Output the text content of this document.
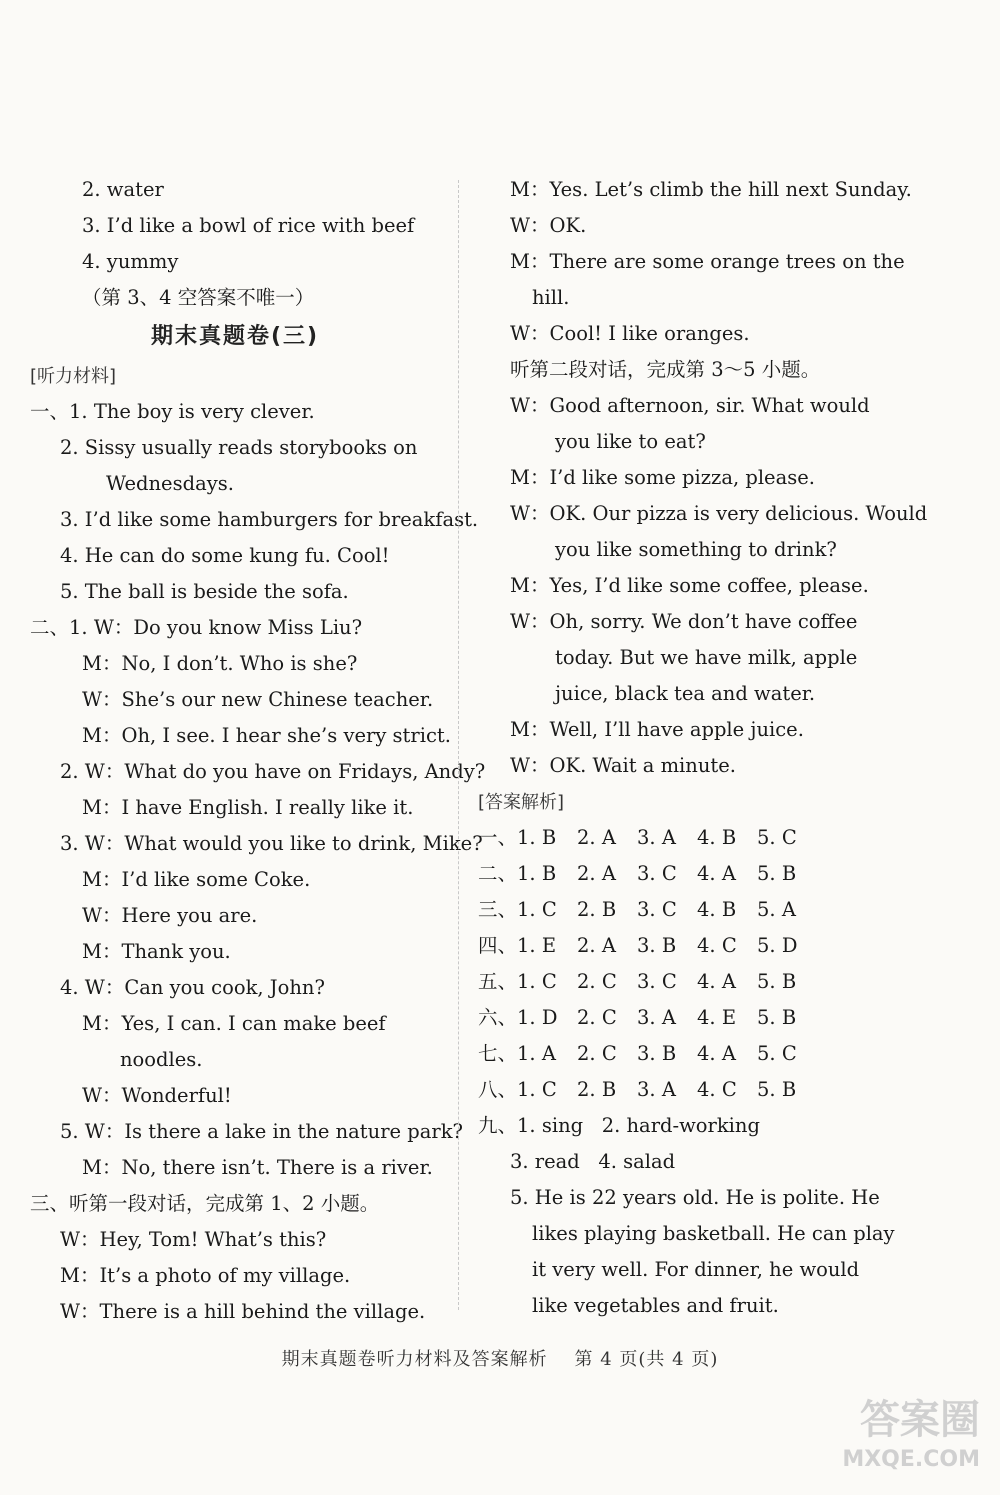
2. water
3. I’d like a bowl of rice with beef
4. yummy
（第 3、4 空答案不唯一）
期末真题卷(三)
[听力材料]
一、1. The boy is very clever.
2. Sissy usually reads storybooks on
Wednesdays.
3. I’d like some hamburgers for breakfast.
4. He can do some kung fu. Cool!
5. The ball is beside the sofa.
二、1. W：Do you know Miss Liu?
M：No, I don’t. Who is she?
W：She’s our new Chinese teacher.
M：Oh, I see. I hear she’s very strict.
2. W：What do you have on Fridays, Andy?
M：I have English. I really like it.
3. W：What would you like to drink, Mike?
M：I’d like some Coke.
W：Here you are.
M：Thank you.
4. W：Can you cook, John?
M：Yes, I can. I can make beef
noodles.
W：Wonderful!
5. W：Is there a lake in the nature park?
M：No, there isn’t. There is a river.
三、听第一段对话，完成第 1、2 小题。
W：Hey, Tom! What’s this?
M：It’s a photo of my village.
W：There is a hill behind the village.
M：Yes. Let’s climb the hill next Sunday.
W：OK.
M：There are some orange trees on the
hill.
W：Cool! I like oranges.
听第二段对话，完成第 3～5 小题。
W：Good afternoon, sir. What would
you like to eat?
M：I’d like some pizza, please.
W：OK. Our pizza is very delicious. Would
you like something to drink?
M：Yes, I’d like some coffee, please.
W：Oh, sorry. We don’t have coffee
today. But we have milk, apple
juice, black tea and water.
M：Well, I’ll have apple juice.
W：OK. Wait a minute.
[答案解析]
一、1. B 2. A 3. A 4. B 5. C
二、1. B 2. A 3. C 4. A 5. B
三、1. C 2. B 3. C 4. B 5. A
四、1. E 2. A 3. B 4. C 5. D
五、1. C 2. C 3. C 4. A 5. B
六、1. D 2. C 3. A 4. E 5. B
七、1. A 2. C 3. B 4. A 5. C
八、1. C 2. B 3. A 4. C 5. B
九、1. sing   2. hard-working
3. read   4. salad
5. He is 22 years old. He is polite. He
likes playing basketball. He can play
it very well. For dinner, he would
like vegetables and fruit.
期末真题卷听力材料及答案解析    第 4 页(共 4 页)
答案圈
MXQE.COM
